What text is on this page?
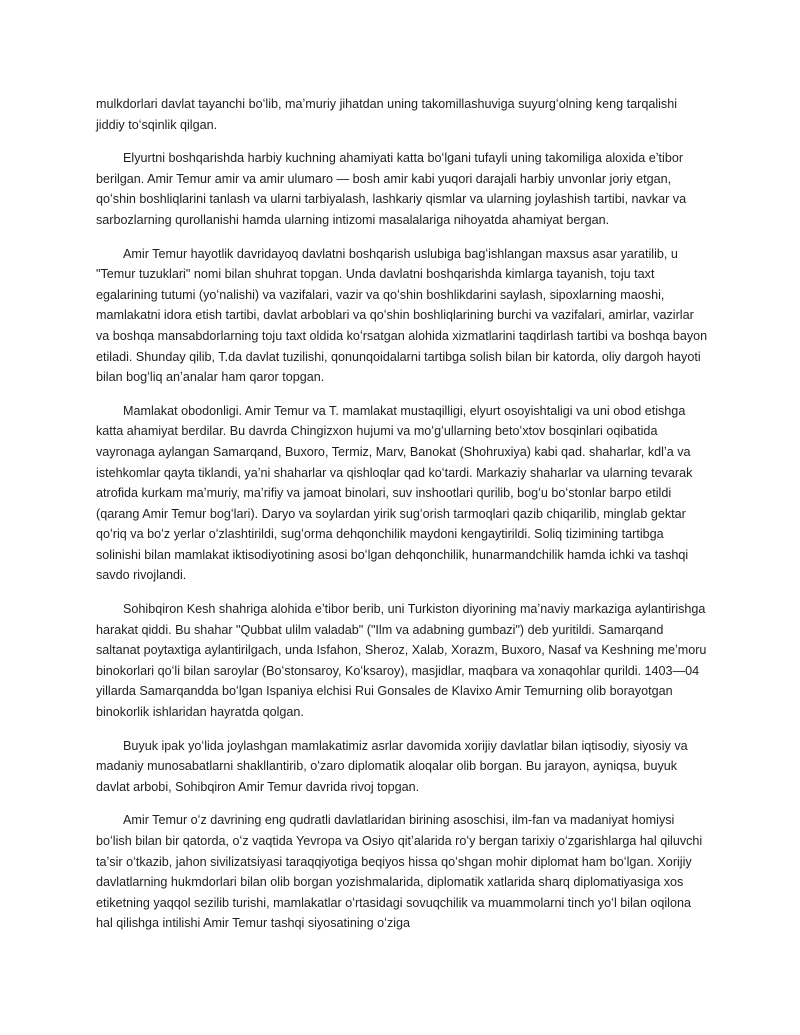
mulkdorlari davlat tayanchi boʻlib, maʼmuriy jihatdan uning takomillashuviga suyurgʻolning keng tarqalishi jiddiy toʻsqinlik qilgan.

Elyurtni boshqarishda harbiy kuchning ahamiyati katta boʻlgani tufayli uning takomiliga aloxida eʼtibor berilgan. Amir Temur amir va amir ulumaro — bosh amir kabi yuqori darajali harbiy unvonlar joriy etgan, qoʻshin boshliqlarini tanlash va ularni tarbiyalash, lashkariy qismlar va ularning joylashish tartibi, navkar va sarbozlarning qurollanishi hamda ularning intizomi masalalariga nihoyatda ahamiyat bergan.

Amir Temur hayotlik davridayoq davlatni boshqarish uslubiga bagʻishlangan maxsus asar yaratilib, u "Temur tuzuklari" nomi bilan shuhrat topgan. Unda davlatni boshqarishda kimlarga tayanish, toju taxt egalarining tutumi (yoʻnalishi) va vazifalari, vazir va qoʻshin boshlikdarini saylash, sipoxlarning maoshi, mamlakatni idora etish tartibi, davlat arboblari va qoʻshin boshliqlarining burchi va vazifalari, amirlar, vazirlar va boshqa mansabdorlarning toju taxt oldida koʻrsatgan alohida xizmatlarini taqdirlash tartibi va boshqa bayon etiladi. Shunday qilib, T.da davlat tuzilishi, qonunqoidalarni tartibga solish bilan bir katorda, oliy dargoh hayoti bilan bogʻliq anʼanalar ham qaror topgan.

Mamlakat obodonligi. Amir Temur va T. mamlakat mustaqilligi, elyurt osoyishtaligi va uni obod etishga katta ahamiyat berdilar. Bu davrda Chingizxon hujumi va moʻgʻullarning betoʻxtov bosqinlari oqibatida vayronaga aylangan Samarqand, Buxoro, Termiz, Marv, Banokat (Shohruxiya) kabi qad. shaharlar, kdlʼa va istehkomlar qayta tiklandi, yaʼni shaharlar va qishloqlar qad koʻtardi. Markaziy shaharlar va ularning tevarak atrofida kurkam maʼmuriy, maʼrifiy va jamoat binolari, suv inshootlari qurilib, bogʻu boʻstonlar barpo etildi (qarang Amir Temur bogʻlari). Daryo va soylardan yirik sugʻorish tarmoqlari qazib chiqarilib, minglab gektar qoʻriq va boʻz yerlar oʻzlashtirildi, sugʻorma dehqonchilik maydoni kengaytirildi. Soliq tizimining tartibga solinishi bilan mamlakat iktisodiyotining asosi boʻlgan dehqonchilik, hunarmandchilik hamda ichki va tashqi savdo rivojlandi.

Sohibqiron Kesh shahriga alohida eʼtibor berib, uni Turkiston diyorining maʼnaviy markaziga aylantirishga harakat qiddi. Bu shahar "Qubbat ulilm valadab" ("Ilm va adabning gumbazi") deb yuritildi. Samarqand saltanat poytaxtiga aylantirilgach, unda Isfahon, Sheroz, Xalab, Xorazm, Buxoro, Nasaf va Keshning meʼmoru binokorlari qoʻli bilan saroylar (Boʻstonsaroy, Koʻksaroy), masjidlar, maqbara va xonaqohlar qurildi. 1403—04 yillarda Samarqandda boʻlgan Ispaniya elchisi Rui Gonsales de Klavixo Amir Temurning olib borayotgan binokorlik ishlaridan hayratda qolgan.

Buyuk ipak yoʻlida joylashgan mamlakatimiz asrlar davomida xorijiy davlatlar bilan iqtisodiy, siyosiy va madaniy munosabatlarni shakllantirib, oʻzaro diplomatik aloqalar olib borgan. Bu jarayon, ayniqsa, buyuk davlat arbobi, Sohibqiron Amir Temur davrida rivoj topgan.

Amir Temur oʻz davrining eng qudratli davlatlaridan birining asoschisi, ilm-fan va madaniyat homiysi boʻlish bilan bir qatorda, oʻz vaqtida Yevropa va Osiyo qitʼalarida roʻy bergan tarixiy oʻzgarishlarga hal qiluvchi taʼsir oʻtkazib, jahon sivilizatsiyasi taraqqiyotiga beqiyos hissa qoʻshgan mohir diplomat ham boʻlgan. Xorijiy davlatlarning hukmdorlari bilan olib borgan yozishmalarida, diplomatik xatlarida sharq diplomatiyasiga xos etiketning yaqqol sezilib turishi, mamlakatlar oʻrtasidagi sovuqchilik va muammolarni tinch yoʻl bilan oqilona hal qilishga intilishi Amir Temur tashqi siyosatining oʻziga
